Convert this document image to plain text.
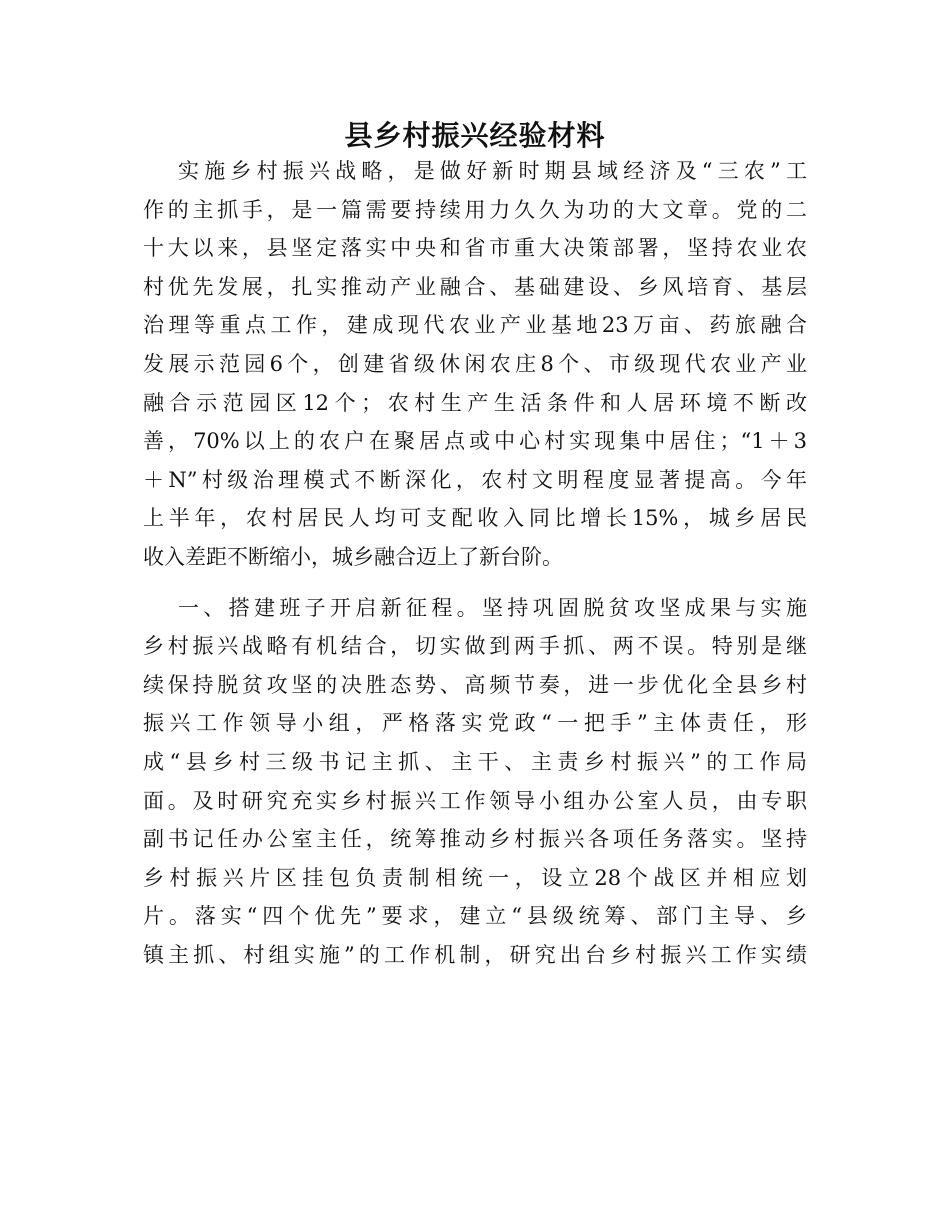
县乡村振兴经验材料
实施乡村振兴战略，是做好新时期县域经济及“三农”工
作的主抓手，是一篇需要持续用力久久为功的大文章。党的二
十大以来，县坚定落实中央和省市重大决策部署，坚持农业农
村优先发展，扎实推动产业融合、基础建设、乡风培育、基层
治理等重点工作，建成现代农业产业基地23万亩、药旅融合
发展示范园6个，创建省级休闲农庄8个、市级现代农业产业
融合示范园区12个；农村生产生活条件和人居环境不断改
善，70%以上的农户在聚居点或中心村实现集中居住；“1＋3
＋N”村级治理模式不断深化，农村文明程度显著提高。今年
上半年，农村居民人均可支配收入同比增长15%，城乡居民
收入差距不断缩小，城乡融合迈上了新台阶。
一、搭建班子开启新征程。坚持巩固脱贫攻坚成果与实施
乡村振兴战略有机结合，切实做到两手抓、两不误。特别是继
续保持脱贫攻坚的决胜态势、高频节奏，进一步优化全县乡村
振兴工作领导小组，严格落实党政“一把手”主体责任，形
成“县乡村三级书记主抓、主干、主责乡村振兴”的工作局
面。及时研究充实乡村振兴工作领导小组办公室人员，由专职
副书记任办公室主任，统筹推动乡村振兴各项任务落实。坚持
乡村振兴片区挂包负责制相统一，设立28个战区并相应划
片。落实“四个优先”要求，建立“县级统筹、部门主导、乡
镇主抓、村组实施”的工作机制，研究出台乡村振兴工作实绩
